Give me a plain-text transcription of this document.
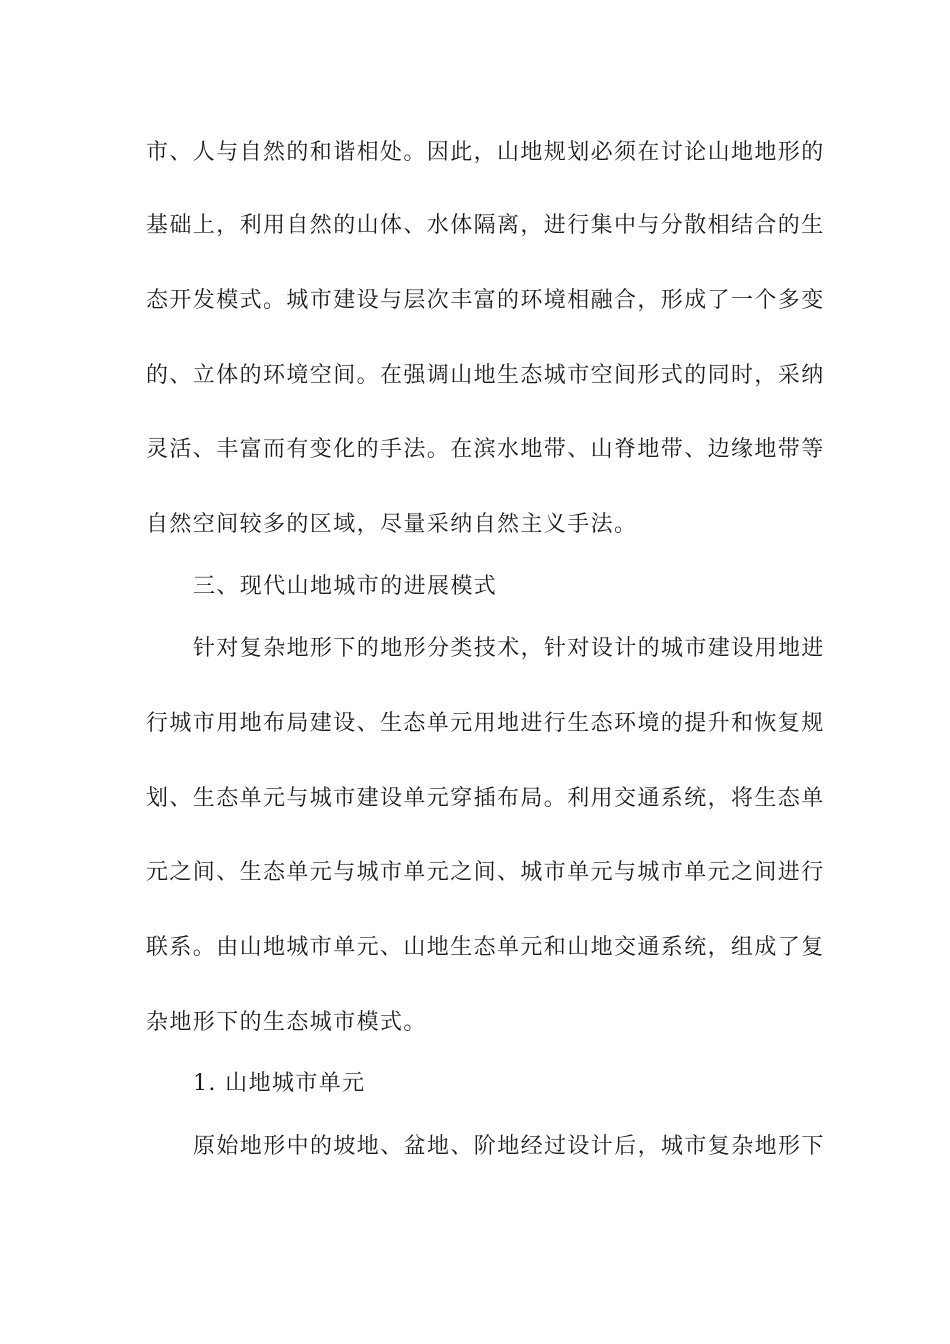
市、人与自然的和谐相处。因此，山地规划必须在讨论山地地形的
基础上，利用自然的山体、水体隔离，进行集中与分散相结合的生
态开发模式。城市建设与层次丰富的环境相融合，形成了一个多变
的、立体的环境空间。在强调山地生态城市空间形式的同时，采纳
灵活、丰富而有变化的手法。在滨水地带、山脊地带、边缘地带等
自然空间较多的区域，尽量采纳自然主义手法。
三、现代山地城市的进展模式
针对复杂地形下的地形分类技术，针对设计的城市建设用地进
行城市用地布局建设、生态单元用地进行生态环境的提升和恢复规
划、生态单元与城市建设单元穿插布局。利用交通系统，将生态单
元之间、生态单元与城市单元之间、城市单元与城市单元之间进行
联系。由山地城市单元、山地生态单元和山地交通系统，组成了复
杂地形下的生态城市模式。
1. 山地城市单元
原始地形中的坡地、盆地、阶地经过设计后，城市复杂地形下
